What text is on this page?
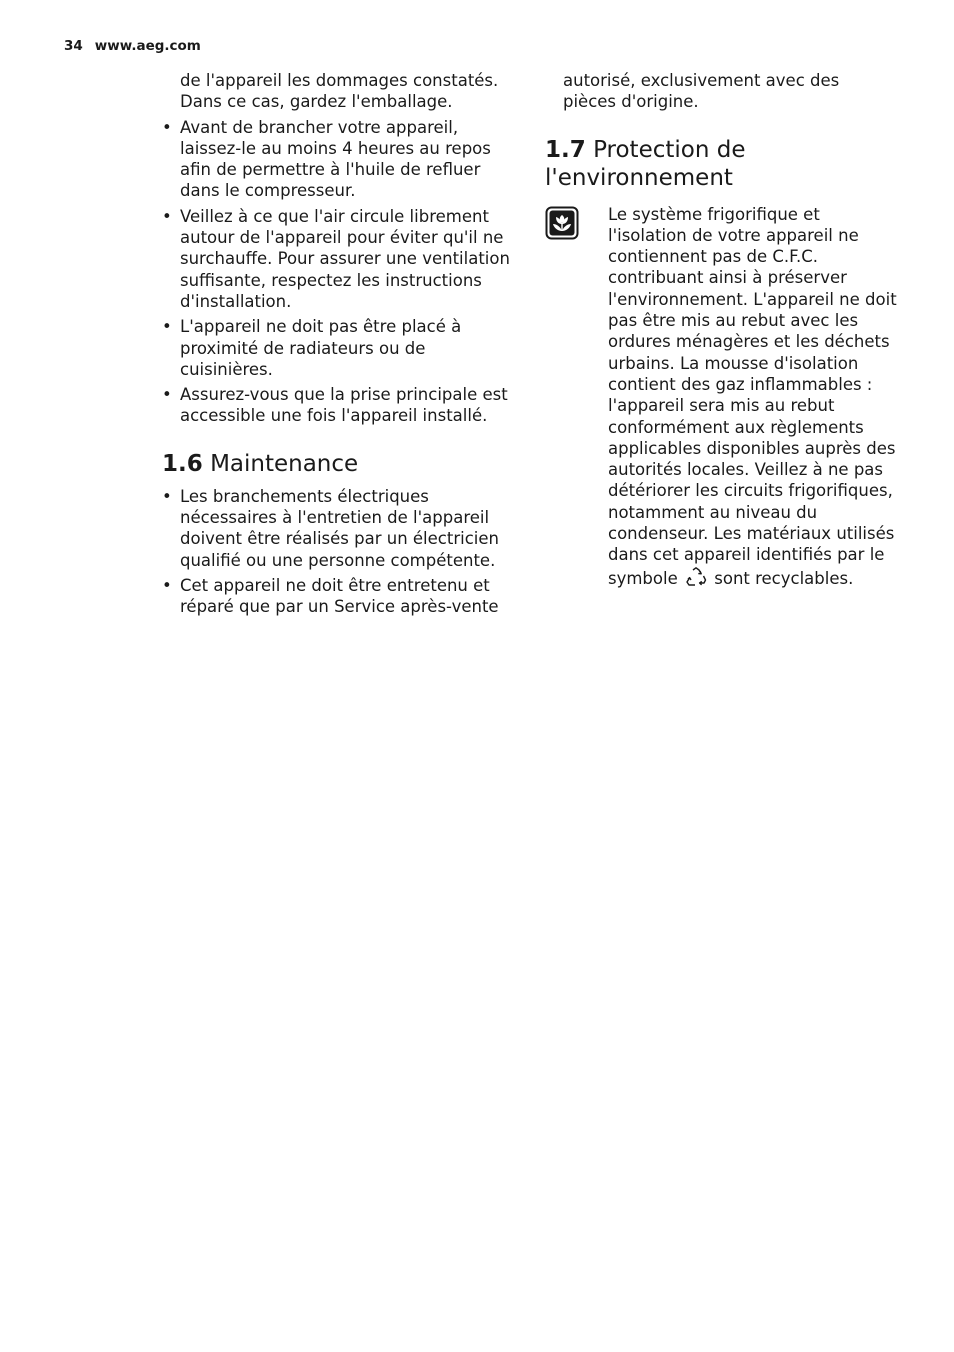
34 www.aeg.com

de l'appareil les dommages constatés. Dans ce cas, gardez l'emballage.

• Avant de brancher votre appareil, laissez-le au moins 4 heures au repos afin de permettre à l'huile de refluer dans le compresseur.
• Veillez à ce que l'air circule librement autour de l'appareil pour éviter qu'il ne surchauffe. Pour assurer une ventilation suffisante, respectez les instructions d'installation.
• L'appareil ne doit pas être placé à proximité de radiateurs ou de cuisinières.
• Assurez-vous que la prise principale est accessible une fois l'appareil installé.
1.6 Maintenance
• Les branchements électriques nécessaires à l'entretien de l'appareil doivent être réalisés par un électricien qualifié ou une personne compétente.
• Cet appareil ne doit être entretenu et réparé que par un Service après-vente

autorisé, exclusivement avec des pièces d'origine.

1.7 Protection de l'environnement

Le système frigorifique et l'isolation de votre appareil ne contiennent pas de C.F.C. contribuant ainsi à préserver l'environnement. L'appareil ne doit pas être mis au rebut avec les ordures ménagères et les déchets urbains. La mousse d'isolation contient des gaz inflammables : l'appareil sera mis au rebut conformément aux règlements applicables disponibles auprès des autorités locales. Veillez à ne pas détériorer les circuits frigorifiques, notamment au niveau du condenseur. Les matériaux utilisés dans cet appareil identifiés par le symbole sont recyclables.
